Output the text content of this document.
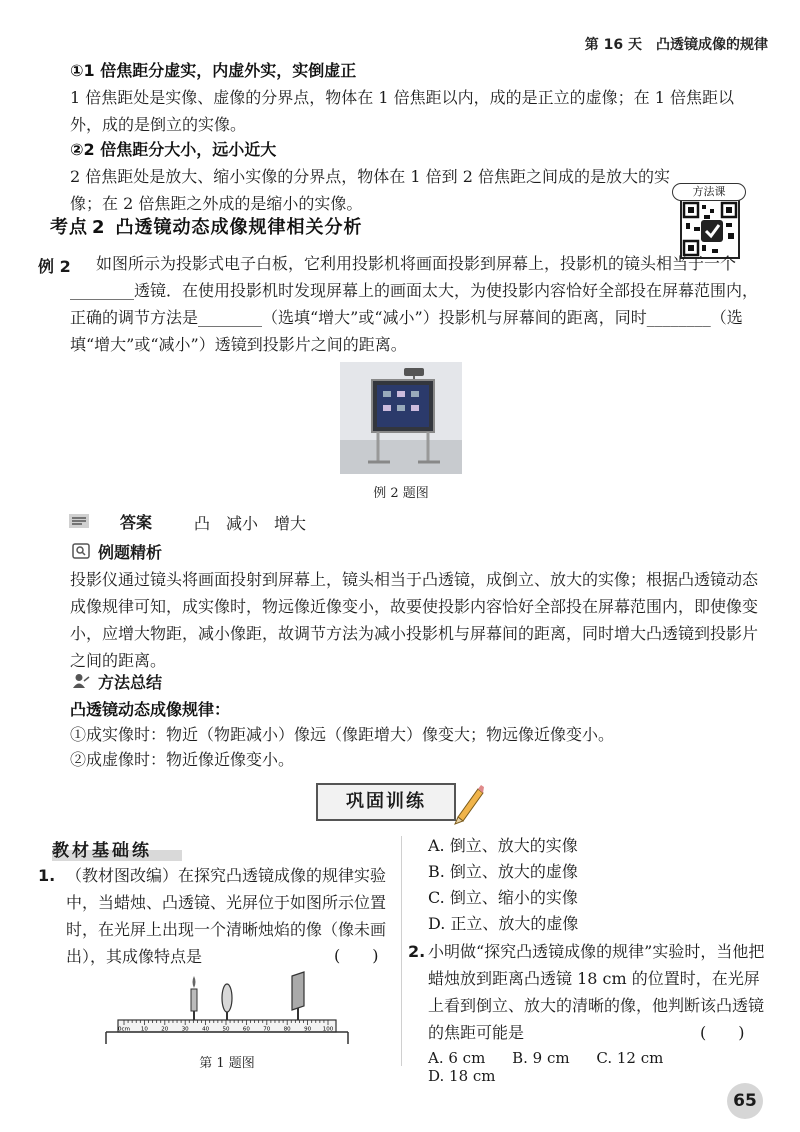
第 16 天　凸透镜成像的规律
①1 倍焦距分虚实，内虚外实，实倒虚正
1 倍焦距处是实像、虚像的分界点，物体在 1 倍焦距以内，成的是正立的虚像；在 1 倍焦距以外，成的是倒立的实像。
②2 倍焦距分大小，远小近大
2 倍焦距处是放大、缩小实像的分界点，物体在 1 倍到 2 倍焦距之间成的是放大的实像；在 2 倍焦距之外成的是缩小的实像。
方法课
考点 2 凸透镜动态成像规律相关分析
例 2	如图所示为投影式电子白板，它利用投影机将画面投影到屏幕上，投影机的镜头相当于一个________透镜．在使用投影机时发现屏幕上的画面太大，为使投影内容恰好全部投在屏幕范围内，正确的调节方法是________（选填“增大”或“减小”）投影机与屏幕间的距离，同时________（选填“增大”或“减小”）透镜到投影片之间的距离。
例 2 题图
答案	凸　减小　增大
例题精析
投影仪通过镜头将画面投射到屏幕上，镜头相当于凸透镜，成倒立、放大的实像；根据凸透镜动态成像规律可知，成实像时，物远像近像变小，故要使投影内容恰好全部投在屏幕范围内，即使像变小，应增大物距，减小像距，故调节方法为减小投影机与屏幕间的距离，同时增大凸透镜到投影片之间的距离。
方法总结
凸透镜动态成像规律：
①成实像时：物近（物距减小）像远（像距增大）像变大；物远像近像变小。
②成虚像时：物近像近像变小。
巩固训练
教材基础练
1. （教材图改编）在探究凸透镜成像的规律实验中，当蜡烛、凸透镜、光屏位于如图所示位置时，在光屏上出现一个清晰烛焰的像（像未画出），其成像特点是	(　　)
0cm 10 20 30 40 50 60 70 80 90 100
第 1 题图
A. 倒立、放大的实像
B. 倒立、放大的虚像
C. 倒立、缩小的实像
D. 正立、放大的虚像
2. 小明做“探究凸透镜成像的规律”实验时，当他把蜡烛放到距离凸透镜 18 cm 的位置时，在光屏上看到倒立、放大的清晰的像，他判断该凸透镜的焦距可能是	(　　)
A. 6 cm B. 9 cm C. 12 cm D. 18 cm
65
